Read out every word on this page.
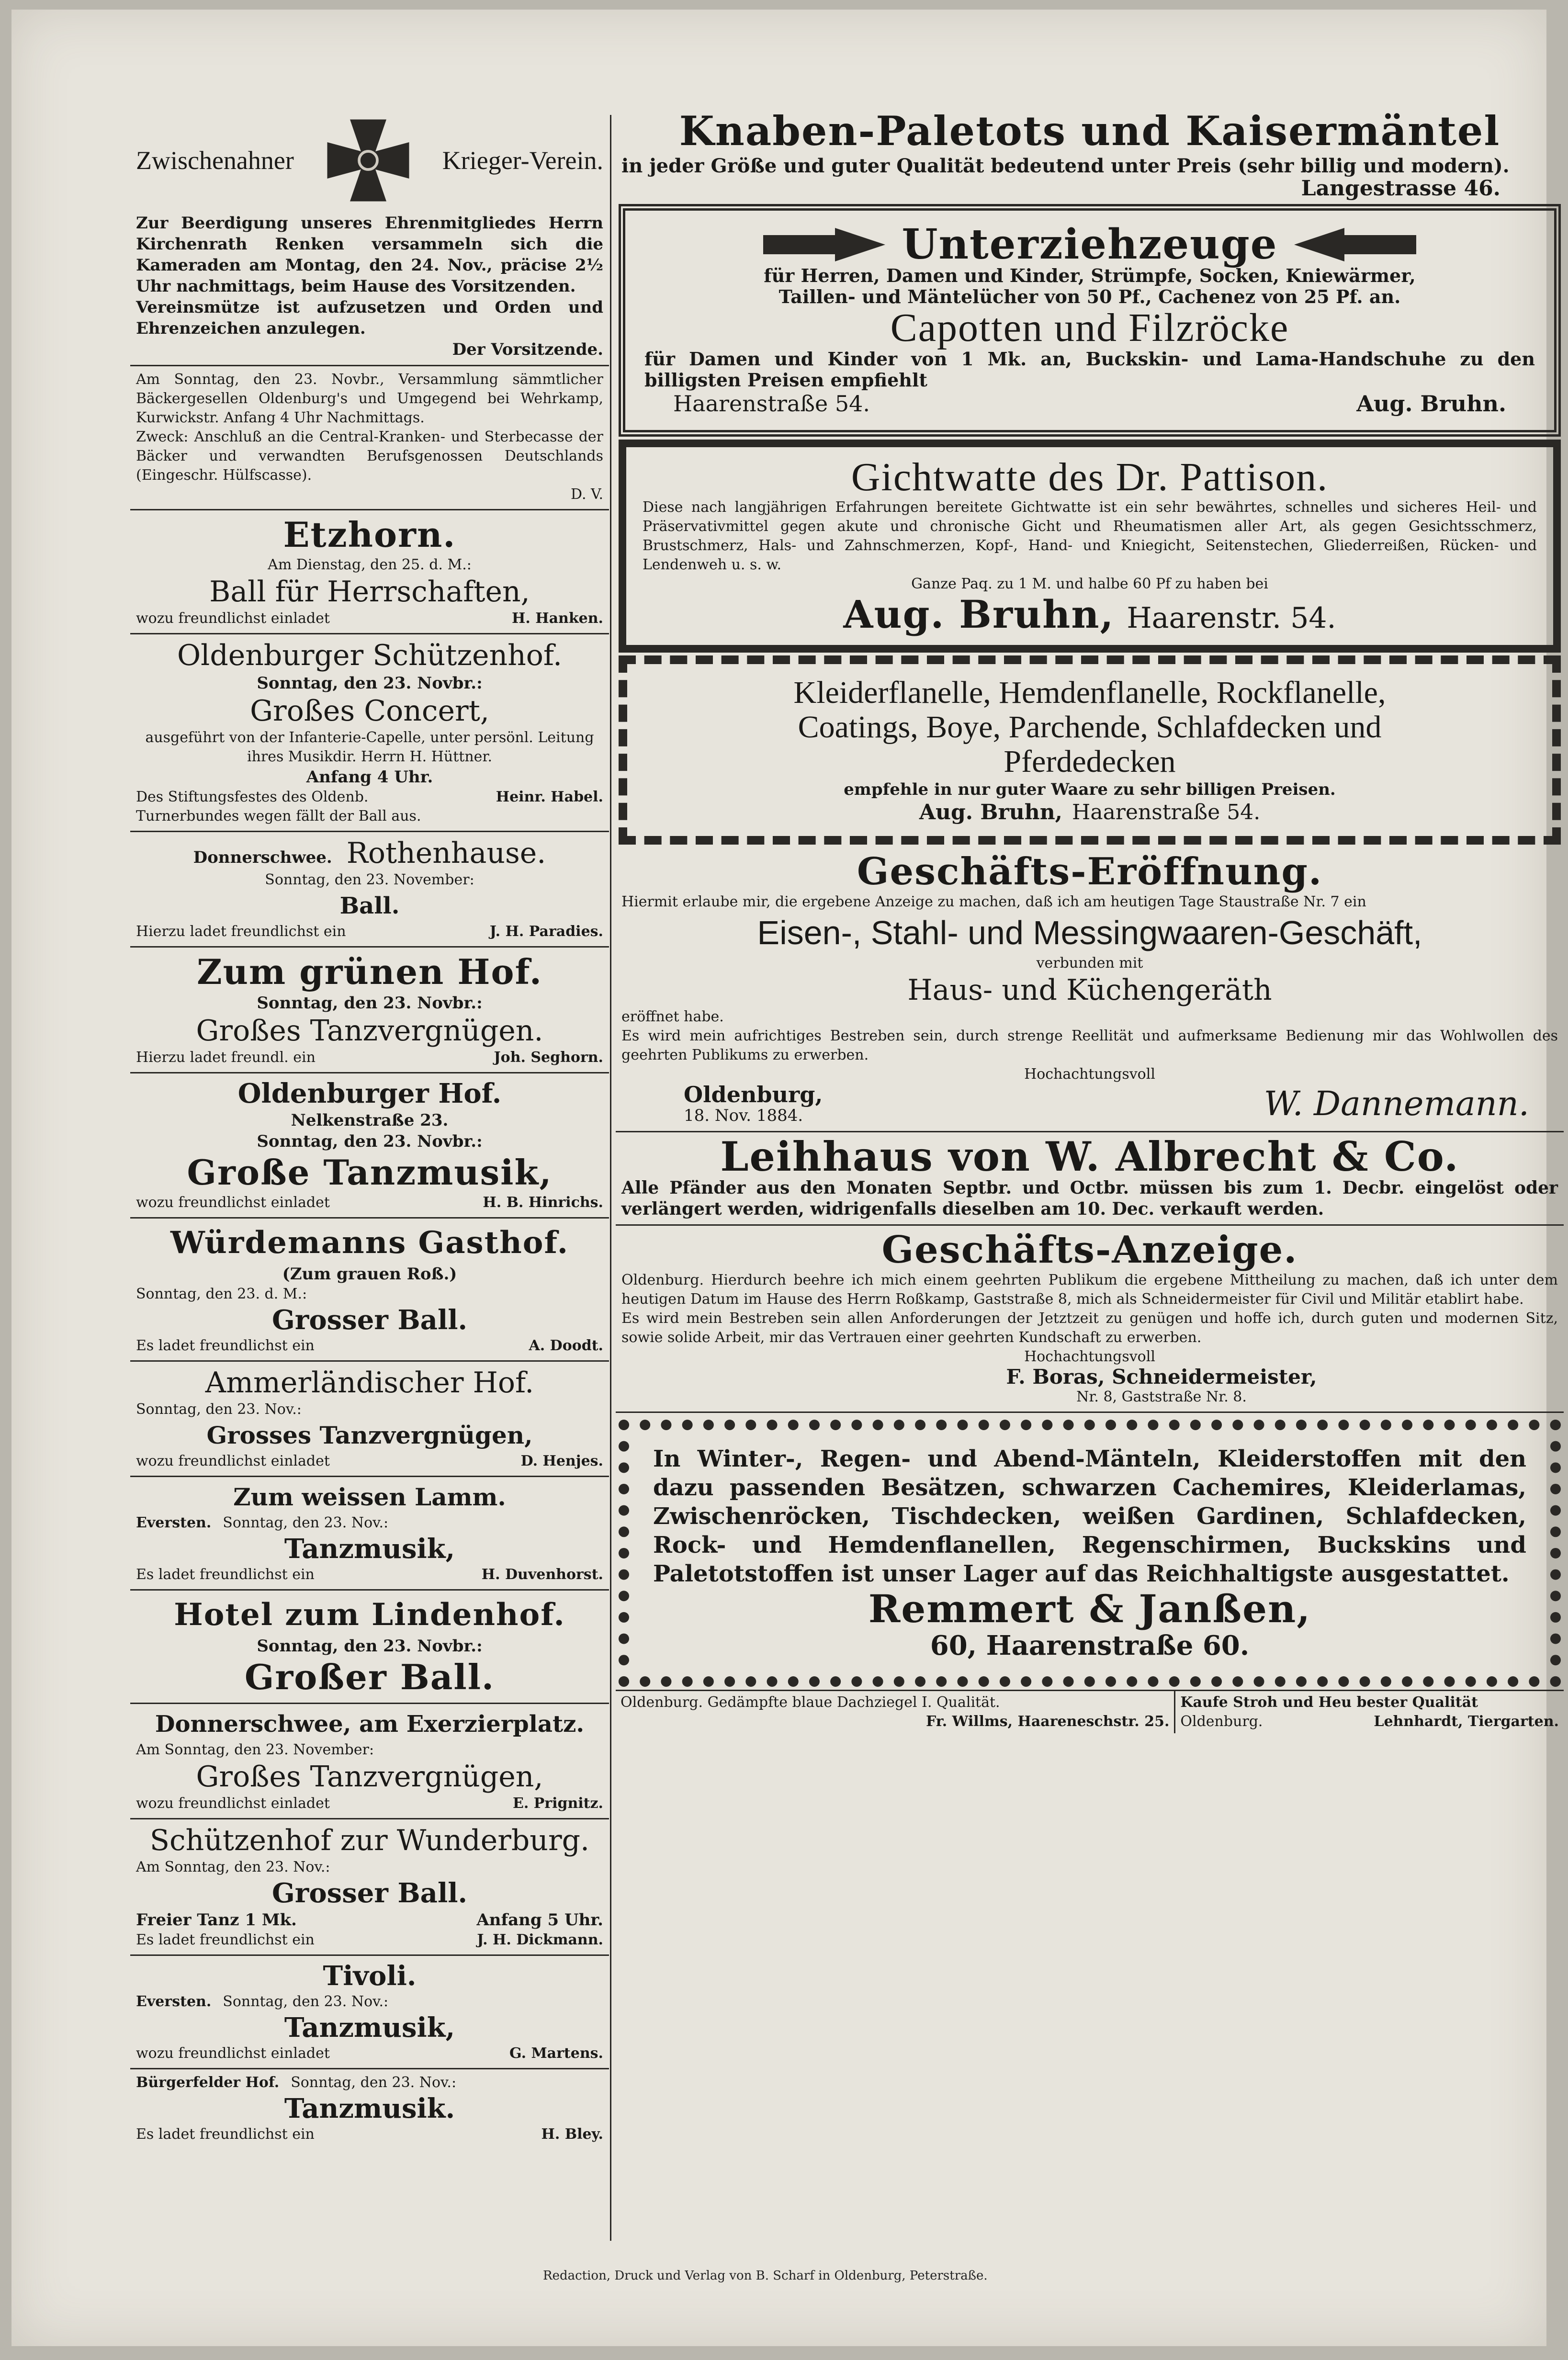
Zwischenahner	Krieger-Verein.
Zur Beerdigung unseres Ehrenmitgliedes Herrn Kirchenrath Renken versammeln sich die Kameraden am Montag, den 24. Nov., präcise 2½ Uhr nachmittags, beim Hause des Vorsitzenden.
Vereinsmütze ist aufzusetzen und Orden und Ehrenzeichen anzulegen.
Der Vorsitzende.
Am Sonntag, den 23. Novbr., Versammlung sämmtlicher Bäckergesellen Oldenburg's und Umgegend bei Wehrkamp, Kurwickstr. Anfang 4 Uhr Nachmittags.
Zweck: Anschluß an die Central-Kranken- und Sterbecasse der Bäcker und verwandten Berufsgenossen Deutschlands (Eingeschr. Hülfscasse).
D. V.
Etzhorn.
Am Dienstag, den 25. d. M.:
Ball für Herrschaften,
wozu freundlichst einladet	H. Hanken.
Oldenburger Schützenhof.
Sonntag, den 23. Novbr.:
Großes Concert,
ausgeführt von der Infanterie-Capelle, unter persönl. Leitung ihres Musikdir. Herrn H. Hüttner.
Anfang 4 Uhr.
Des Stiftungsfestes des Oldenb. Turnerbundes wegen fällt der Ball aus.
Heinr. Habel.
Donnerschwee. Rothenhause.
Sonntag, den 23. November:
Ball.
Hierzu ladet freundlichst ein	J. H. Paradies.
Zum grünen Hof.
Sonntag, den 23. Novbr.:
Großes Tanzvergnügen.
Hierzu ladet freundl. ein	Joh. Seghorn.
Oldenburger Hof.
Nelkenstraße 23.
Sonntag, den 23. Novbr.:
Große Tanzmusik,
wozu freundlichst einladet	H. B. Hinrichs.
Würdemanns Gasthof.
(Zum grauen Roß.)
Sonntag, den 23. d. M.:
Grosser Ball.
Es ladet freundlichst ein	A. Doodt.
Ammerländischer Hof.
Sonntag, den 23. Nov.:
Grosses Tanzvergnügen,
wozu freundlichst einladet	D. Henjes.
Zum weissen Lamm.
Eversten. Sonntag, den 23. Nov.:
Tanzmusik,
Es ladet freundlichst ein	H. Duvenhorst.
Hotel zum Lindenhof.
Sonntag, den 23. Novbr.:
Großer Ball.
Donnerschwee, am Exerzierplatz.
Am Sonntag, den 23. November:
Großes Tanzvergnügen,
wozu freundlichst einladet	E. Prignitz.
Schützenhof zur Wunderburg.
Am Sonntag, den 23. Nov.:
Grosser Ball.
Freier Tanz 1 Mk.	Anfang 5 Uhr.
Es ladet freundlichst ein	J. H. Dickmann.
Tivoli.
Eversten. Sonntag, den 23. Nov.:
Tanzmusik,
wozu freundlichst einladet	G. Martens.
Bürgerfelder Hof. Sonntag, den 23. Nov.:
Tanzmusik.
Es ladet freundlichst ein	H. Bley.
Knaben-Paletots und Kaisermäntel
in jeder Größe und guter Qualität bedeutend unter Preis (sehr billig und modern).
Langestrasse 46.
Unterziehzeuge
für Herren, Damen und Kinder, Strümpfe, Socken, Kniewärmer,
Taillen- und Mäntelücher von 50 Pf., Cachenez von 25 Pf. an.
Capotten und Filzröcke
für Damen und Kinder von 1 Mk. an, Buckskin- und Lama-Handschuhe zu den billigsten Preisen empfiehlt
Haarenstraße 54.	Aug. Bruhn.
Gichtwatte des Dr. Pattison.
Diese nach langjährigen Erfahrungen bereitete Gichtwatte ist ein sehr bewährtes, schnelles und sicheres Heil- und Präservativmittel gegen akute und chronische Gicht und Rheumatismen aller Art, als gegen Gesichtsschmerz, Brustschmerz, Hals- und Zahnschmerzen, Kopf-, Hand- und Kniegicht, Seitenstechen, Gliederreißen, Rücken- und Lendenweh u. s. w.
Ganze Paq. zu 1 M. und halbe 60 Pf zu haben bei
Aug. Bruhn, Haarenstr. 54.
Kleiderflanelle, Hemdenflanelle, Rockflanelle,
Coatings, Boye, Parchende, Schlafdecken und
Pferdedecken
empfehle in nur guter Waare zu sehr billigen Preisen.
Aug. Bruhn, Haarenstraße 54.
Geschäfts-Eröffnung.
Hiermit erlaube mir, die ergebene Anzeige zu machen, daß ich am heutigen Tage Staustraße Nr. 7 ein
Eisen-, Stahl- und Messingwaaren-Geschäft,
verbunden mit
Haus- und Küchengeräth
eröffnet habe.
Es wird mein aufrichtiges Bestreben sein, durch strenge Reellität und aufmerksame Bedienung mir das Wohlwollen des geehrten Publikums zu erwerben.
Hochachtungsvoll
Oldenburg,
18. Nov. 1884.	W. Dannemann.
Leihhaus von W. Albrecht & Co.
Alle Pfänder aus den Monaten Septbr. und Octbr. müssen bis zum 1. Decbr. eingelöst oder verlängert werden, widrigenfalls dieselben am 10. Dec. verkauft werden.
Geschäfts-Anzeige.
Oldenburg. Hierdurch beehre ich mich einem geehrten Publikum die ergebene Mittheilung zu machen, daß ich unter dem heutigen Datum im Hause des Herrn Roßkamp, Gaststraße 8, mich als Schneidermeister für Civil und Militär etablirt habe.
Es wird mein Bestreben sein allen Anforderungen der Jetztzeit zu genügen und hoffe ich, durch guten und modernen Sitz, sowie solide Arbeit, mir das Vertrauen einer geehrten Kundschaft zu erwerben.
Hochachtungsvoll
F. Boras, Schneidermeister,
Nr. 8, Gaststraße Nr. 8.
In Winter-, Regen- und Abend-Mänteln, Kleiderstoffen mit den dazu passenden Besätzen, schwarzen Cachemires, Kleiderlamas, Zwischenröcken, Tischdecken, weißen Gardinen, Schlafdecken, Rock- und Hemdenflanellen, Regenschirmen, Buckskins und Paletotstoffen ist unser Lager auf das Reichhaltigste ausgestattet.
Remmert & Janßen,
60, Haarenstraße 60.
Oldenburg. Gedämpfte blaue Dachziegel I. Qualität.
Fr. Willms, Haareneschstr. 25.
Kaufe Stroh und Heu bester Qualität
Oldenburg.	Lehnhardt, Tiergarten.
Redaction, Druck und Verlag von B. Scharf in Oldenburg, Peterstraße.
